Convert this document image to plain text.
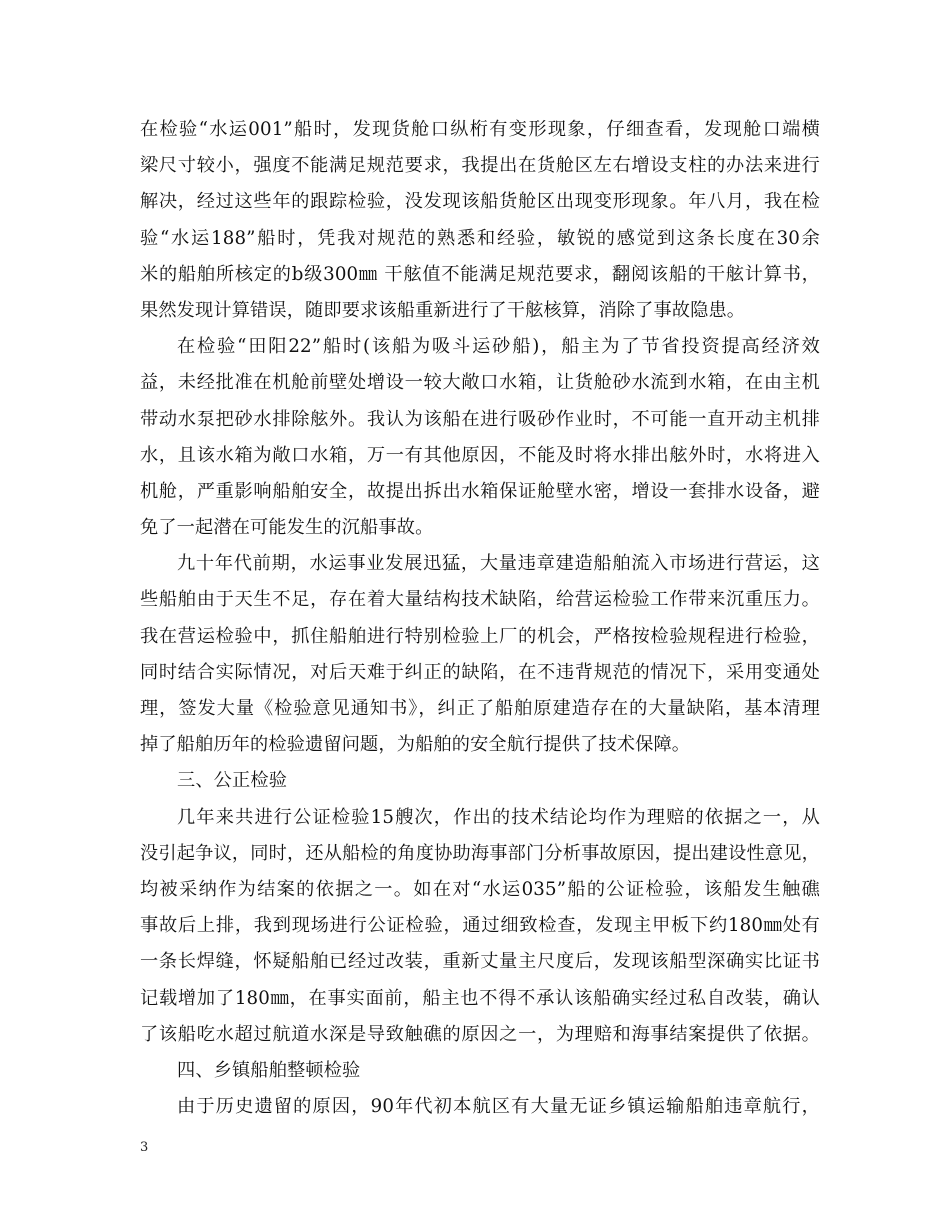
在检验“水运001”船时，发现货舱口纵桁有变形现象，仔细查看，发现舱口端横
梁尺寸较小，强度不能满足规范要求，我提出在货舱区左右增设支柱的办法来进行
解决，经过这些年的跟踪检验，没发现该船货舱区出现变形现象。年八月，我在检
验“水运188”船时，凭我对规范的熟悉和经验，敏锐的感觉到这条长度在30余
米的船舶所核定的b级300㎜ 干舷值不能满足规范要求，翻阅该船的干舷计算书，
果然发现计算错误，随即要求该船重新进行了干舷核算，消除了事故隐患。
在检验“田阳22”船时(该船为吸斗运砂船)，船主为了节省投资提高经济效
益，未经批准在机舱前壁处增设一较大敞口水箱，让货舱砂水流到水箱，在由主机
带动水泵把砂水排除舷外。我认为该船在进行吸砂作业时，不可能一直开动主机排
水，且该水箱为敞口水箱，万一有其他原因，不能及时将水排出舷外时，水将进入
机舱，严重影响船舶安全，故提出拆出水箱保证舱壁水密，增设一套排水设备，避
免了一起潜在可能发生的沉船事故。
九十年代前期，水运事业发展迅猛，大量违章建造船舶流入市场进行营运，这
些船舶由于天生不足，存在着大量结构技术缺陷，给营运检验工作带来沉重压力。
我在营运检验中，抓住船舶进行特别检验上厂的机会，严格按检验规程进行检验，
同时结合实际情况，对后天难于纠正的缺陷，在不违背规范的情况下，采用变通处
理，签发大量《检验意见通知书》，纠正了船舶原建造存在的大量缺陷，基本清理
掉了船舶历年的检验遗留问题，为船舶的安全航行提供了技术保障。
三、公正检验
几年来共进行公证检验15艘次，作出的技术结论均作为理赔的依据之一，从
没引起争议，同时，还从船检的角度协助海事部门分析事故原因，提出建设性意见，
均被采纳作为结案的依据之一。如在对“水运035”船的公证检验，该船发生触礁
事故后上排，我到现场进行公证检验，通过细致检查，发现主甲板下约180㎜处有
一条长焊缝，怀疑船舶已经过改装，重新丈量主尺度后，发现该船型深确实比证书
记载增加了180㎜，在事实面前，船主也不得不承认该船确实经过私自改装，确认
了该船吃水超过航道水深是导致触礁的原因之一，为理赔和海事结案提供了依据。
四、乡镇船舶整顿检验
由于历史遗留的原因，90年代初本航区有大量无证乡镇运输船舶违章航行，
3
